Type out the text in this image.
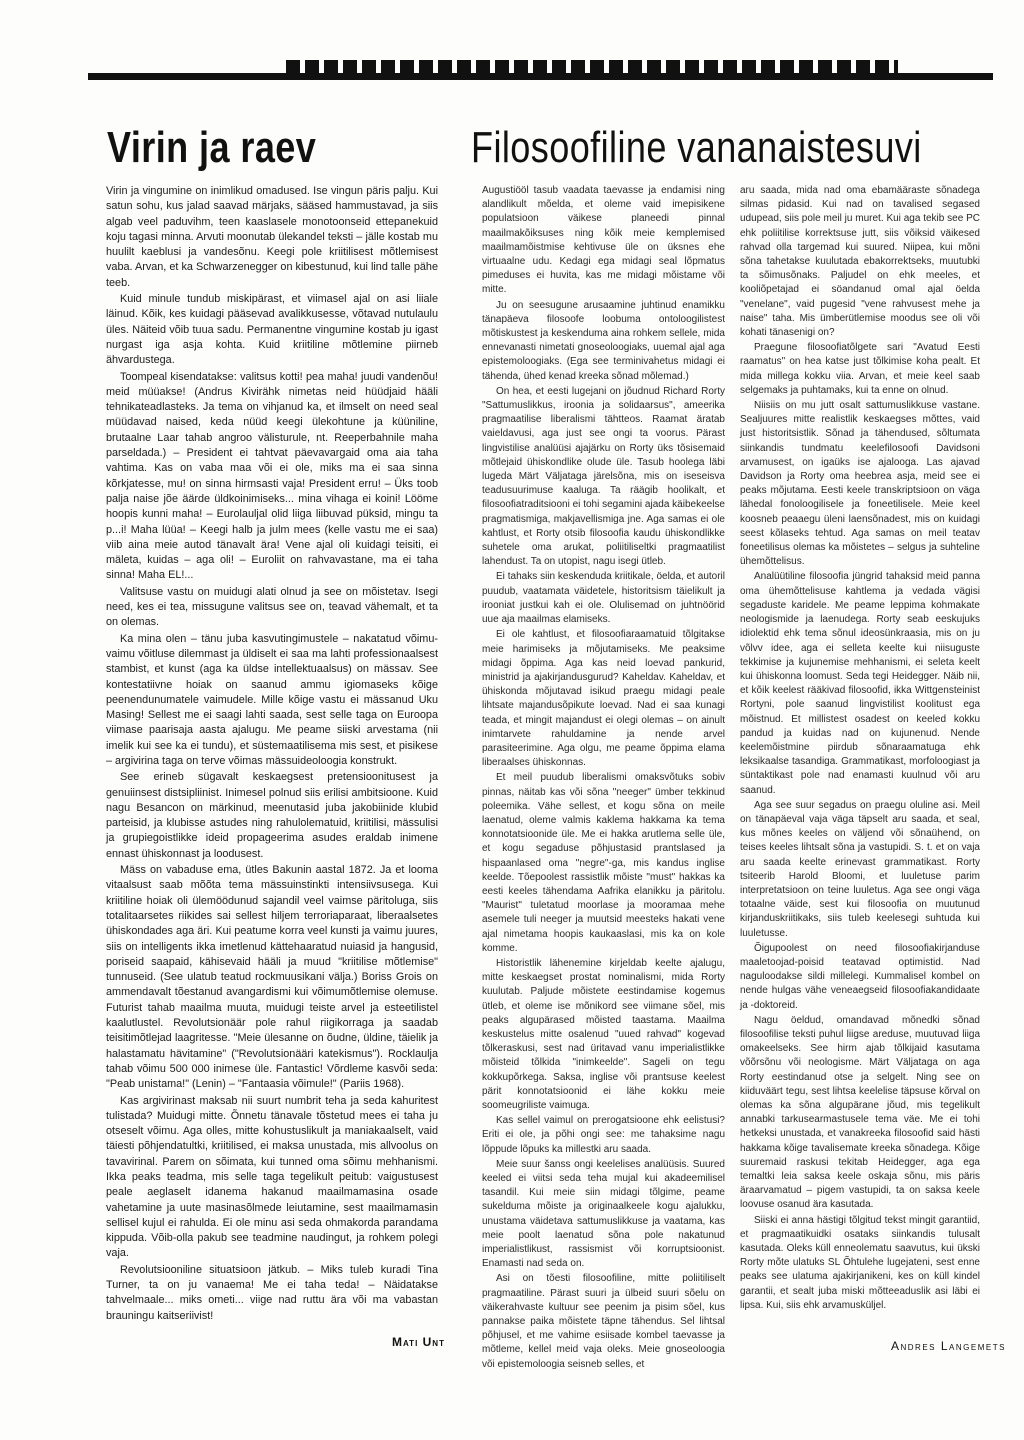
Virin ja raev	Filosoofiline vananaistesuvi

Virin ja vingumine on inimlikud omadused. Ise vingun päris palju. Kui satun sohu, kus jalad saavad märjaks, sääsed hammustavad, ja siis algab veel paduvihm, teen kaaslasele monotoonseid ettepanekuid koju tagasi minna. Arvuti moonutab ülekandel teksti – jälle kostab mu huulilt kaeblusi ja vandesõnu. Keegi pole kriitilisest mõtlemisest vaba. Arvan, et ka Schwarzenegger on kibestunud, kui lind talle pähe teeb.

Kuid minule tundub miskipärast, et viimasel ajal on asi liiale läinud. Kõik, kes kuidagi pääsevad avalikkusesse, võtavad nutulaulu üles. Näiteid võib tuua sadu. Permanentne vingumine kostab ju igast nurgast iga asja kohta. Kuid kriitiline mõtlemine piirneb ähvardustega.

Toompeal kisendatakse: valitsus kotti! pea maha! juudi vandenõu! meid müüakse! (Andrus Kivirähk nimetas neid hüüdjaid hääli tehnikateadlasteks. Ja tema on vihjanud ka, et ilmselt on need seal müüdavad naised, keda nüüd keegi ülekohtune ja küüniline, brutaalne Laar tahab angroo välisturule, nt. Reeperbahnile maha parseldada.) – President ei tahtvat päevavargaid oma aia taha vahtima. Kas on vaba maa või ei ole, miks ma ei saa sinna kõrkjatesse, mu! on sinna hirmsasti vaja! President erru! – Üks toob palja naise jõe äärde üldkoinimiseks... mina vihaga ei koini! Lööme hoopis kunni maha! – Eurolauljal olid liiga liibuvad püksid, mingu ta p...i! Maha lüüa! – Keegi halb ja julm mees (kelle vastu me ei saa) viib aina meie autod tänavalt ära! Vene ajal oli kuidagi teisiti, ei mäleta, kuidas – aga oli! – Euroliit on rahvavastane, ma ei taha sinna! Maha EL!...

Valitsuse vastu on muidugi alati olnud ja see on mõistetav. Isegi need, kes ei tea, missugune valitsus see on, teavad vähemalt, et ta on olemas.

Ka mina olen – tänu juba kasvutingimustele – nakatatud võimu-vaimu võitluse dilemmast ja üldiselt ei saa ma lahti professionaalsest stambist, et kunst (aga ka üldse intellektuaalsus) on mässav. See kontestatiivne hoiak on saanud ammu igiomaseks kõige peenendunumatele vaimudele. Mille kõige vastu ei mässanud Uku Masing! Sellest me ei saagi lahti saada, sest selle taga on Euroopa viimase paarisaja aasta ajalugu. Me peame siiski arvestama (nii imelik kui see ka ei tundu), et süstemaatilisema mis sest, et pisikese – argivirina taga on terve võimas mässuideoloogia konstrukt.

See erineb sügavalt keskaegsest pretensioonitusest ja genuiinsest distsipliinist. Inimesel polnud siis erilisi ambitsioone. Kuid nagu Besancon on märkinud, meenutasid juba jakobiinide klubid parteisid, ja klubisse astudes ning rahulolematuid, kriitilisi, mässulisi ja grupiegoistlikke ideid propageerima asudes eraldab inimene ennast ühiskonnast ja loodusest.

Mäss on vabaduse ema, ütles Bakunin aastal 1872. Ja et looma vitaalsust saab mõõta tema mässuinstinkti intensiivsusega. Kui kriitiline hoiak oli ülemöödunud sajandil veel vaimse päritoluga, siis totalitaarsetes riikides sai sellest hiljem terroriaparaat, liberaalsetes ühiskondades aga äri. Kui peatume korra veel kunsti ja vaimu juures, siis on intelligents ikka imetlenud kättehaaratud nuiasid ja hangusid, poriseid saapaid, kähisevaid hääli ja muud "kriitilise mõtlemise" tunnuseid. (See ulatub teatud rockmuusikani välja.) Boriss Grois on ammendavalt tõestanud avangardismi kui võimumõtlemise olemuse. Futurist tahab maailma muuta, muidugi teiste arvel ja esteetilistel kaalutlustel. Revolutsionäär pole rahul riigikorraga ja saadab teisitimõtlejad laagritesse. "Meie ülesanne on õudne, üldine, täielik ja halastamatu hävitamine" ("Revolutsionääri katekismus"). Rocklaulja tahab võimu 500 000 inimese üle. Fantastic! Võrdleme kasvõi seda: "Peab unistama!" (Lenin) – "Fantaasia võimule!" (Pariis 1968).

Kas argivirinast maksab nii suurt numbrit teha ja seda kahuritest tulistada? Muidugi mitte. Õnnetu tänavale tõstetud mees ei taha ju otseselt võimu. Aga olles, mitte kohustuslikult ja maniakaalselt, vaid täiesti põhjendatultki, kriitilised, ei maksa unustada, mis allvoolus on tavavirinal. Parem on sõimata, kui tunned oma sõimu mehhanismi. Ikka peaks teadma, mis selle taga tegelikult peitub: vaigustusest peale aeglaselt idanema hakanud maailmamasina osade vahetamine ja uute masinasõlmede leiutamine, sest maailmamasin sellisel kujul ei rahulda. Ei ole minu asi seda ohmakorda parandama kippuda. Võib-olla pakub see teadmine naudingut, ja rohkem polegi vaja.

Revolutsiooniline situatsioon jätkub. – Miks tuleb kuradi Tina Turner, ta on ju vanaema! Me ei taha teda! – Näidatakse tahvelmaale... miks ometi... viige nad ruttu ära või ma vabastan brauningu kaitseriivist!

Mati Unt

Augustiööl tasub vaadata taevasse ja endamisi ning alandlikult mõelda, et oleme vaid imepisikene populatsioon väikese planeedi pinnal maailmakõiksuses ning kõik meie kemplemised maailmamõistmise kehtivuse üle on üksnes ehe virtuaalne udu. Kedagi ega midagi seal lõpmatus pimeduses ei huvita, kas me midagi mõistame või mitte.

Ju on seesugune arusaamine juhtinud enamikku tänapäeva filosoofe loobuma ontoloogilistest mõtiskustest ja keskenduma aina rohkem sellele, mida ennevanasti nimetati gnoseoloogiaks, uuemal ajal aga epistemoloogiaks. (Ega see terminivahetus midagi ei tähenda, ühed kenad kreeka sõnad mõlemad.)

On hea, et eesti lugejani on jõudnud Richard Rorty "Sattumuslikkus, iroonia ja solidaarsus", ameerika pragmaatilise liberalismi tähtteos. Raamat äratab vaieldavusi, aga just see ongi ta voorus. Pärast lingvistilise analüüsi ajajärku on Rorty üks tõsisemaid mõtlejaid ühiskondlike oludе üle. Tasub hoolega läbi lugeda Märt Väljataga järelsõna, mis on iseseisva teadusuurimuse kaaluga. Ta räägib hoolikalt, et filosoofiatraditsiooni ei tohi segamini ajada käibekeelse pragmatismiga, makjavellismiga jne. Aga samas ei ole kahtlust, et Rorty otsib filosoofia kaudu ühiskondlikke suhetele oma arukat, poliitiliseltki pragmaatilist lahendust. Ta on utopist, nagu isegi ütleb.

Ei tahaks siin keskenduda kriitikale, öelda, et autoril puudub, vaatamata väidetele, historitsism täielikult ja irooniat justkui kah ei ole. Olulisemad on juhtnöörid uue aja maailmas elamiseks.

Ei ole kahtlust, et filosoofiaraamatuid tõlgitakse meie harimiseks ja mõjutamiseks. Me peaksime midagi õppima. Aga kas neid loevad pankurid, ministrid ja ajakirjandusgurud? Kaheldav. Kaheldav, et ühiskonda mõjutavad isikud praegu midagi peale lihtsate majandusõpikute loevad. Nad ei saa kunagi teada, et mingit majandust ei olegi olemas – on ainult inimtarvete rahuldamine ja nende arvel parasiteerimine. Aga olgu, me peame õppima elama liberaalses ühiskonnas.

Et meil puudub liberalismi omaksvõtuks sobiv pinnas, näitab kas või sõna "neeger" ümber tekkinud poleemika. Vähe sellest, et kogu sõna on meile laenatud, oleme valmis kaklema hakkama ka tema konnotatsioonide üle. Me ei hakka arutlema selle üle, et kogu segaduse põhjustasid prantslased ja hispaanlased oma "negre"-ga, mis kandus inglise keelde. Tõepoolest rassistlik mõiste "must" hakkas ka eesti keeles tähendama Aafrika elanikku ja päritolu. "Maurist" tuletatud moorlase ja mooramaa mehe asemele tuli neeger ja muutsid meesteks hakati vene ajal nimetama hoopis kaukaaslasi, mis ka on kole komme.

Historistlik lähenemine kirjeldab keelte ajalugu, mitte keskaegset prostat nominalismi, mida Rorty kuulutab. Paljude mõistete eestindamise kogemus ütleb, et oleme ise mõnikord see viimane sõel, mis peaks algupärased mõisted taastama. Maailma keskustelus mitte osalenud "uued rahvad" kogevad tõlkeraskusi, sest nad üritavad vanu imperialistlikke mõisteid tõlkida "inimkeelde". Sageli on tegu kokkupõrkega. Saksa, inglise või prantsuse keelest pärit konnotatsioonid ei lähe kokku meie soomeugriliste vaimuga.

Kas sellel vaimul on prerogatsioone ehk eelistusi? Eriti ei ole, ja põhi ongi see: me tahaksime nagu lõppude lõpuks ka millestki aru saada.

Meie suur šanss ongi keelelises analüüsis. Suured keeled ei viitsi seda teha mujal kui akadeemilisel tasandil. Kui meie siin midagi tõlgime, peame sukelduma mõiste ja originaalkeele kogu ajalukku, unustama väidetava sattumuslikkuse ja vaatama, kas meie poolt laenatud sõna pole nakatunud imperialistlikust, rassismist või korruptsioonist. Enamasti nad seda on.

Asi on tõesti filosoofiline, mitte poliitiliselt pragmaatiline. Pärast suuri ja ülbeid suuri sõelu on väikerahvaste kultuur see peenim ja pisim sõel, kus pannakse paika mõistete täpne tähendus. Sel lihtsal põhjusel, et me vahime esiisade kombel taevasse ja mõtleme, kellel meid vaja oleks. Meie gnoseoloogia või epistemoloogia seisneb selles, et

aru saada, mida nad oma ebamääraste sõnadega silmas pidasid. Kui nad on tavalised segased udupead, siis pole meil ju muret. Kui aga tekib see PC ehk poliitilise korrektsuse jutt, siis võiksid väikesed rahvad olla targemad kui suured. Niipea, kui mõni sõna tahetakse kuulutada ebakorrektseks, muutubki ta sõimusõnaks. Paljudel on ehk meeles, et kooliõpetajad ei söandanud omal ajal öelda "venelane", vaid pugesid "vene rahvusest mehe ja naise" taha. Mis ümberütlemise moodus see oli või kohati tänasenigi on?

Praegune filosoofiatõlgete sari "Avatud Eesti raamatus" on hea katse just tõlkimise koha pealt. Et mida millega kokku viia. Arvan, et meie keel saab selgemaks ja puhtamaks, kui ta enne on olnud.

Niisiis on mu jutt osalt sattumuslikkuse vastane. Sealjuures mitte realistlik keskaegses mõttes, vaid just historitsistlik. Sõnad ja tähendused, sõltumata siinkandis tundmatu keelefilosoofi Davidsoni arvamusest, on igaüks ise ajalooga. Las ajavad Davidson ja Rorty oma heebrea asja, meid see ei peaks mõjutama. Eesti keele transkriptsioon on väga lähedal fonoloogilisele ja foneetilisele. Meie keel koosneb peaaegu üleni laensõnadest, mis on kuidagi seest kõlaseks tehtud. Aga samas on meil teatav foneetilisus olemas ka mõistetes – selgus ja suhteline ühemõttelisus.

Analüütiline filosoofia jüngrid tahaksid meid panna oma ühemõttelisuse kahtlema ja vedada vägisi segaduste karidele. Me peame leppima kohmakate neologismide ja laenudega. Rorty seab eeskujuks idiolektid ehk tema sõnul ideosünkraasia, mis on ju võlvv idee, aga ei selleta keelte kui niisuguste tekkimise ja kujunemise mehhanismi, ei seleta keelt kui ühiskonna loomust. Seda tegi Heidegger. Näib nii, et kõik keelest rääkivad filosoofid, ikka Wittgensteinist Rortyni, pole saanud lingvistilist koolitust ega mõistnud. Et millistest osadest on keeled kokku pandud ja kuidas nad on kujunenud. Nende keelemõistmine piirdub sõnaraamatuga ehk leksikaalse tasandiga. Grammatikast, morfoloogiast ja süntaktikast pole nad enamasti kuulnud või aru saanud.

Aga see suur segadus on praegu oluline asi. Meil on tänapäeval vaja väga täpselt aru saada, et seal, kus mõnes keeles on väljend või sõnaühend, on teises keeles lihtsalt sõna ja vastupidi. S. t. et on vaja aru saada keelte erinevast grammatikast. Rorty tsiteerib Harold Bloomi, et luuletuse parim interpretatsioon on teine luuletus. Aga see ongi väga totaalne väide, sest kui filosoofia on muutunud kirjanduskriitikaks, siis tuleb keelesegi suhtuda kui luuletusse.

Õigupoolest on need filosoofiakirjanduse maaletoojad-poisid teatavad optimistid. Nad naguloodakse sildi millelegi. Kummalisel kombel on nende hulgas vähe veneaegseid filosoofiakandidaate ja -doktoreid.

Nagu öeldud, omandavad mõnedki sõnad filosoofilise teksti puhul liigse areduse, muutuvad liiga omakeelseks. See hirm ajab tõlkijaid kasutama võõrsõnu või neologisme. Märt Väljataga on aga Rorty eestindanud otse ja selgelt. Ning see on kiiduväärt tegu, sest lihtsa keelelise täpsuse kõrval on olemas ka sõna algupärane jõud, mis tegelikult annabki tarkusearmastusele tema väe. Me ei tohi hetkeksi unustada, et vanakreeka filosoofid said hästi hakkama kõige tavalisemate kreeka sõnadega. Kõige suuremaid raskusi tekitab Heidegger, aga ega temaltki leia saksa keele oskaja sõnu, mis päris äraarvamatud – pigem vastupidi, ta on saksa keele loovuse osanud ära kasutada.

Siiski ei anna hästigi tõlgitud tekst mingit garantiid, et pragmaatikuidki osataks siinkandis tulusalt kasutada. Oleks küll enneolematu saavutus, kui ükski Rorty mõte ulatuks SL Õhtulehe lugejateni, sest enne peaks see ulatuma ajakirjanikeni, kes on küll kindel garantii, et sealt juba miski mõtteeaduslik asi läbi ei lipsa. Kui, siis ehk arvamusküljel.

Andres Langemets
